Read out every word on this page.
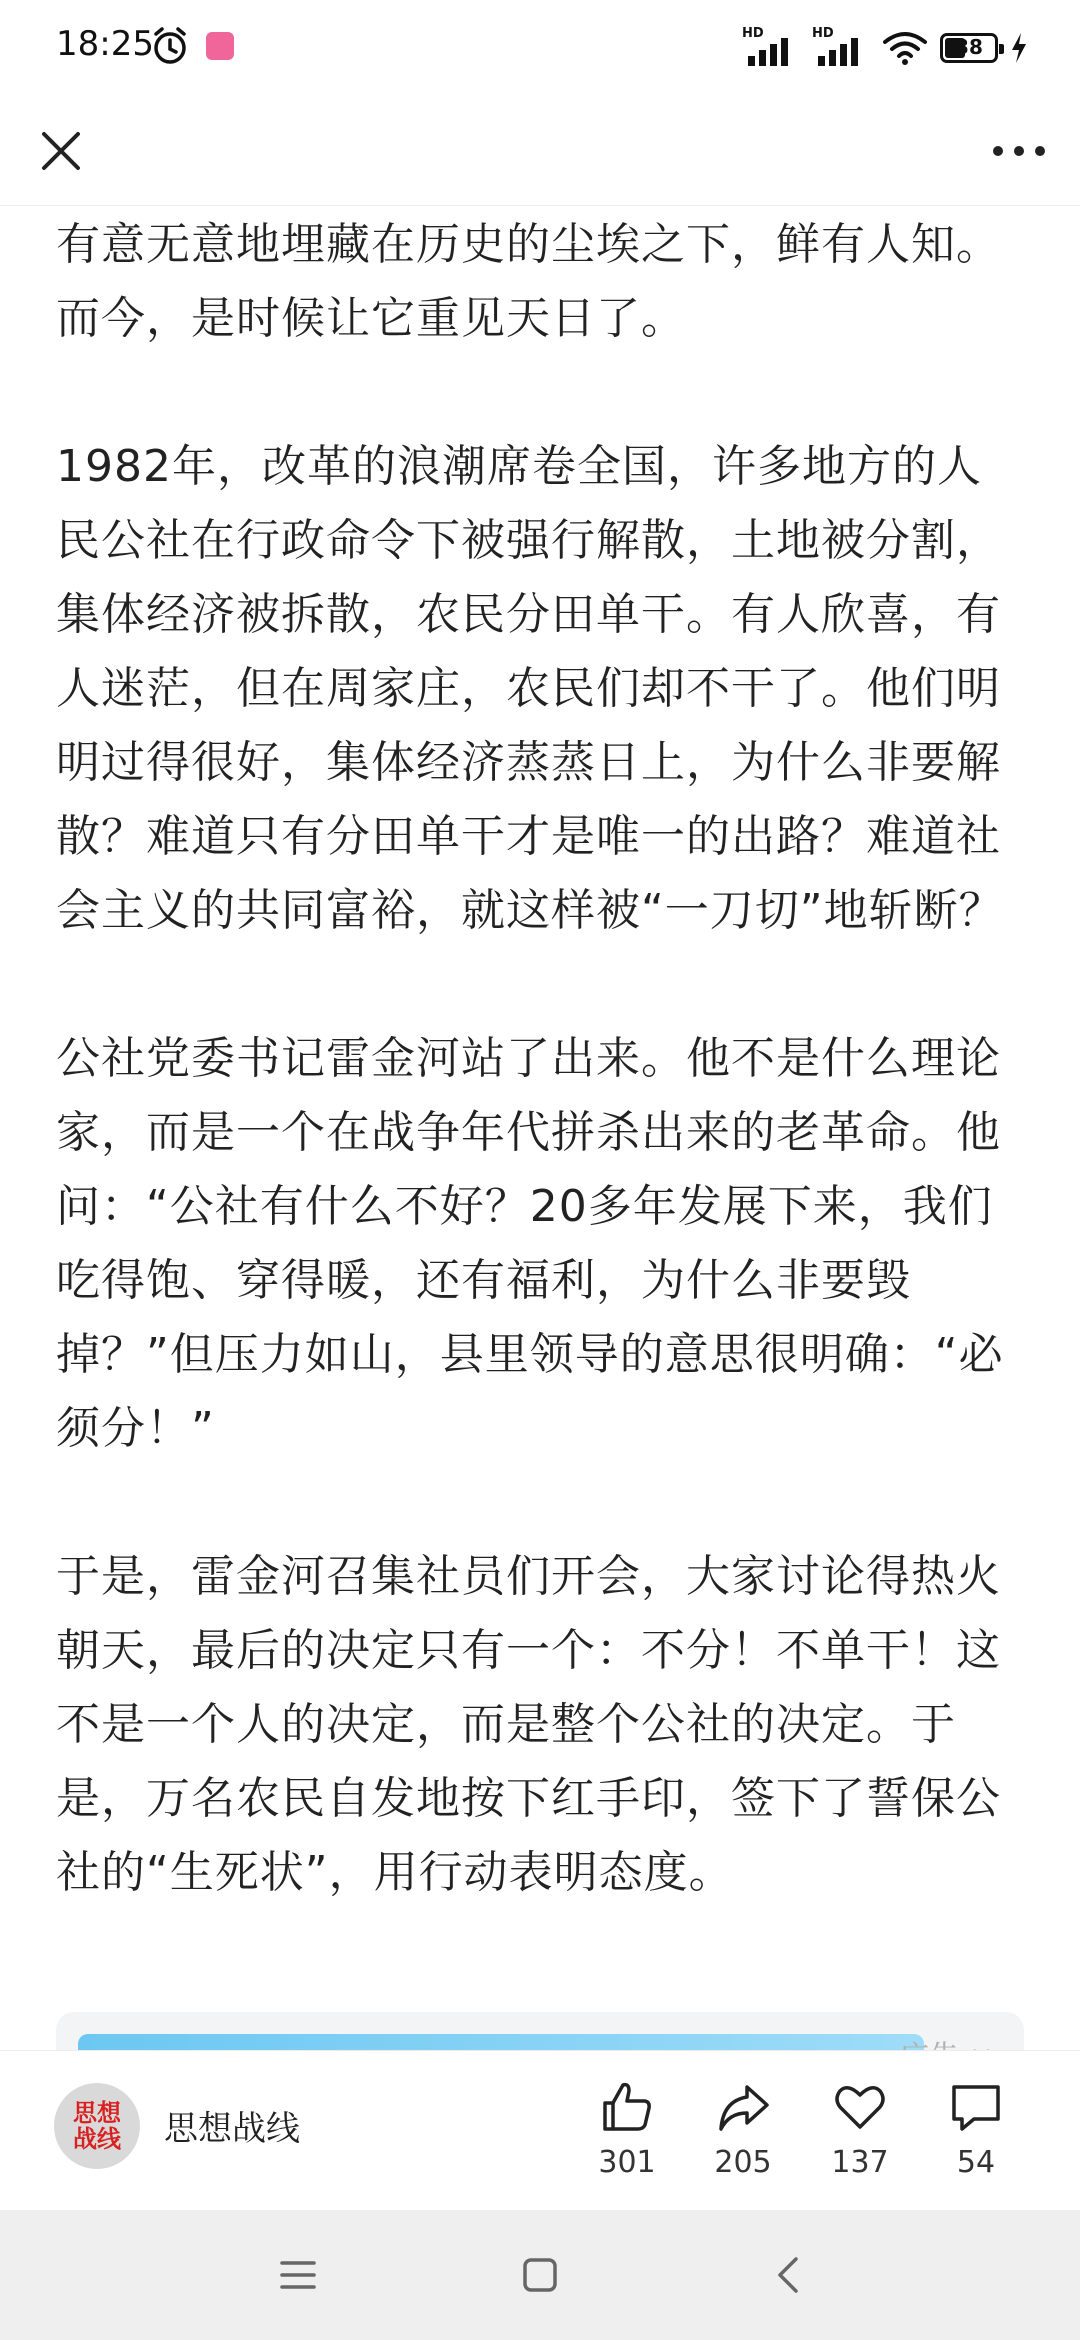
18:25	HD	HD
38

有意无意地埋藏在历史的尘埃之下，鲜有人知。而今，是时候让它重见天日了。

1982年，改革的浪潮席卷全国，许多地方的人民公社在行政命令下被强行解散，土地被分割，集体经济被拆散，农民分田单干。有人欣喜，有人迷茫，但在周家庄，农民们却不干了。他们明明过得很好，集体经济蒸蒸日上，为什么非要解散？难道只有分田单干才是唯一的出路？难道社会主义的共同富裕，就这样被“一刀切”地斩断？

公社党委书记雷金河站了出来。他不是什么理论家，而是一个在战争年代拼杀出来的老革命。他问：“公社有什么不好？20多年发展下来，我们吃得饱、穿得暖，还有福利，为什么非要毁掉？”但压力如山，县里领导的意思很明确：“必须分！”

于是，雷金河召集社员们开会，大家讨论得热火朝天，最后的决定只有一个：不分！不单干！这不是一个人的决定，而是整个公社的决定。于是，万名农民自发地按下红手印，签下了誓保公社的“生死状”，用行动表明态度。

思想战线 思想战线
301	205	137	54
